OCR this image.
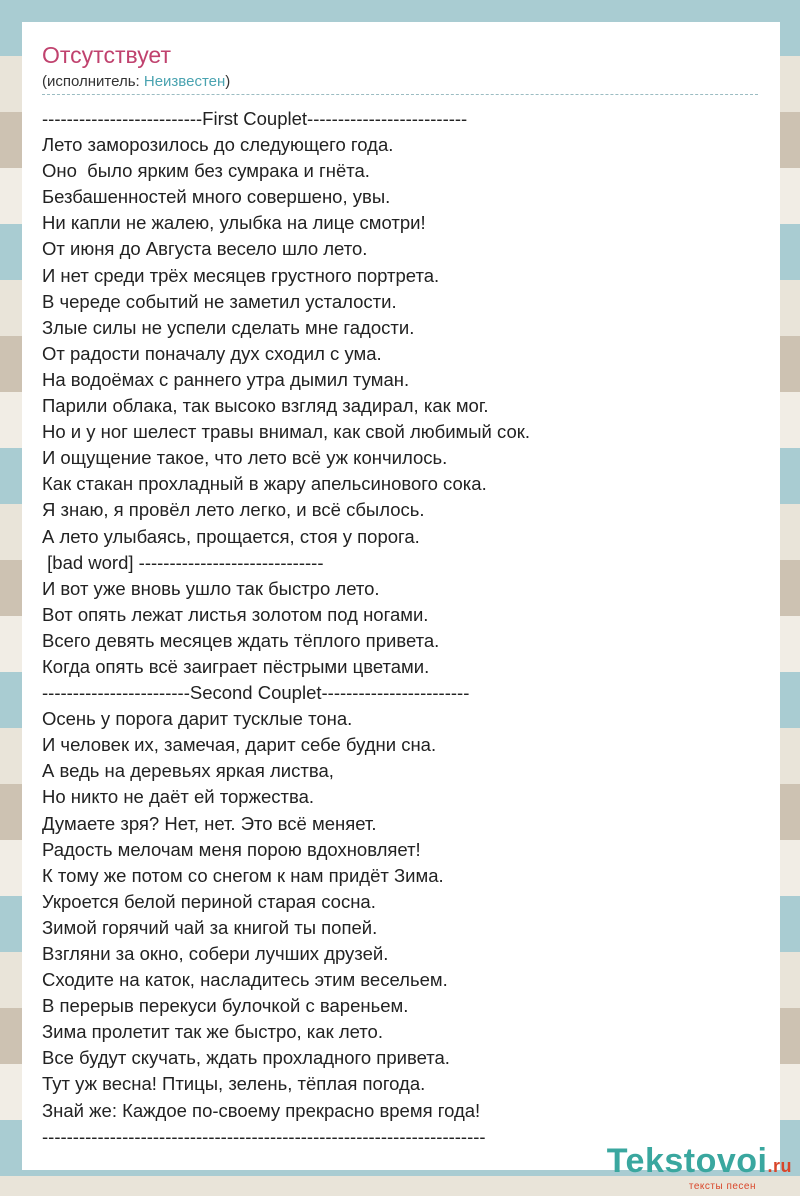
Отсутствует
(исполнитель: Неизвестен)
--------------------------First Couplet--------------------------
Лето заморозилось до следующего года.
Оно  было ярким без сумрака и гнёта.
Безбашенностей много совершено, увы.
Ни капли не жалею, улыбка на лице смотри!
От июня до Августа весело шло лето.
И нет среди трёх месяцев грустного портрета.
В череде событий не заметил усталости.
Злые силы не успели сделать мне гадости.
От радости поначалу дух сходил с ума.
На водоёмах с раннего утра дымил туман.
Парили облака, так высоко взгляд задирал, как мог.
Но и у ног шелест травы внимал, как свой любимый сок.
И ощущение такое, что лето всё уж кончилось.
Как стакан прохладный в жару апельсинового сока.
Я знаю, я провёл лето легко, и всё сбылось.
А лето улыбаясь, прощается, стоя у порога.
[bad word] ------------------------------
И вот уже вновь ушло так быстро лето.
Вот опять лежат листья золотом под ногами.
Всего девять месяцев ждать тёплого привета.
Когда опять всё заиграет пёстрыми цветами.
------------------------Second Couplet------------------------
Осень у порога дарит тусклые тона.
И человек их, замечая, дарит себе будни сна.
А ведь на деревьях яркая листва,
Но никто не даёт ей торжества.
Думаете зря? Нет, нет. Это всё меняет.
Радость мелочам меня порою вдохновляет!
К тому же потом со снегом к нам придёт Зима.
Укроется белой периной старая сосна.
Зимой горячий чай за книгой ты попей.
Взгляни за окно, собери лучших друзей.
Сходите на каток, насладитесь этим весельем.
В перерыв перекуси булочкой с вареньем.
Зима пролетит так же быстро, как лето.
Все будут скучать, ждать прохладного привета.
Тут уж весна! Птицы, зелень, тёплая погода.
Знай же: Каждое по-своему прекрасно время года!
------------------------------------------------------------------------
Tekstovoi.ru
тексты песен
